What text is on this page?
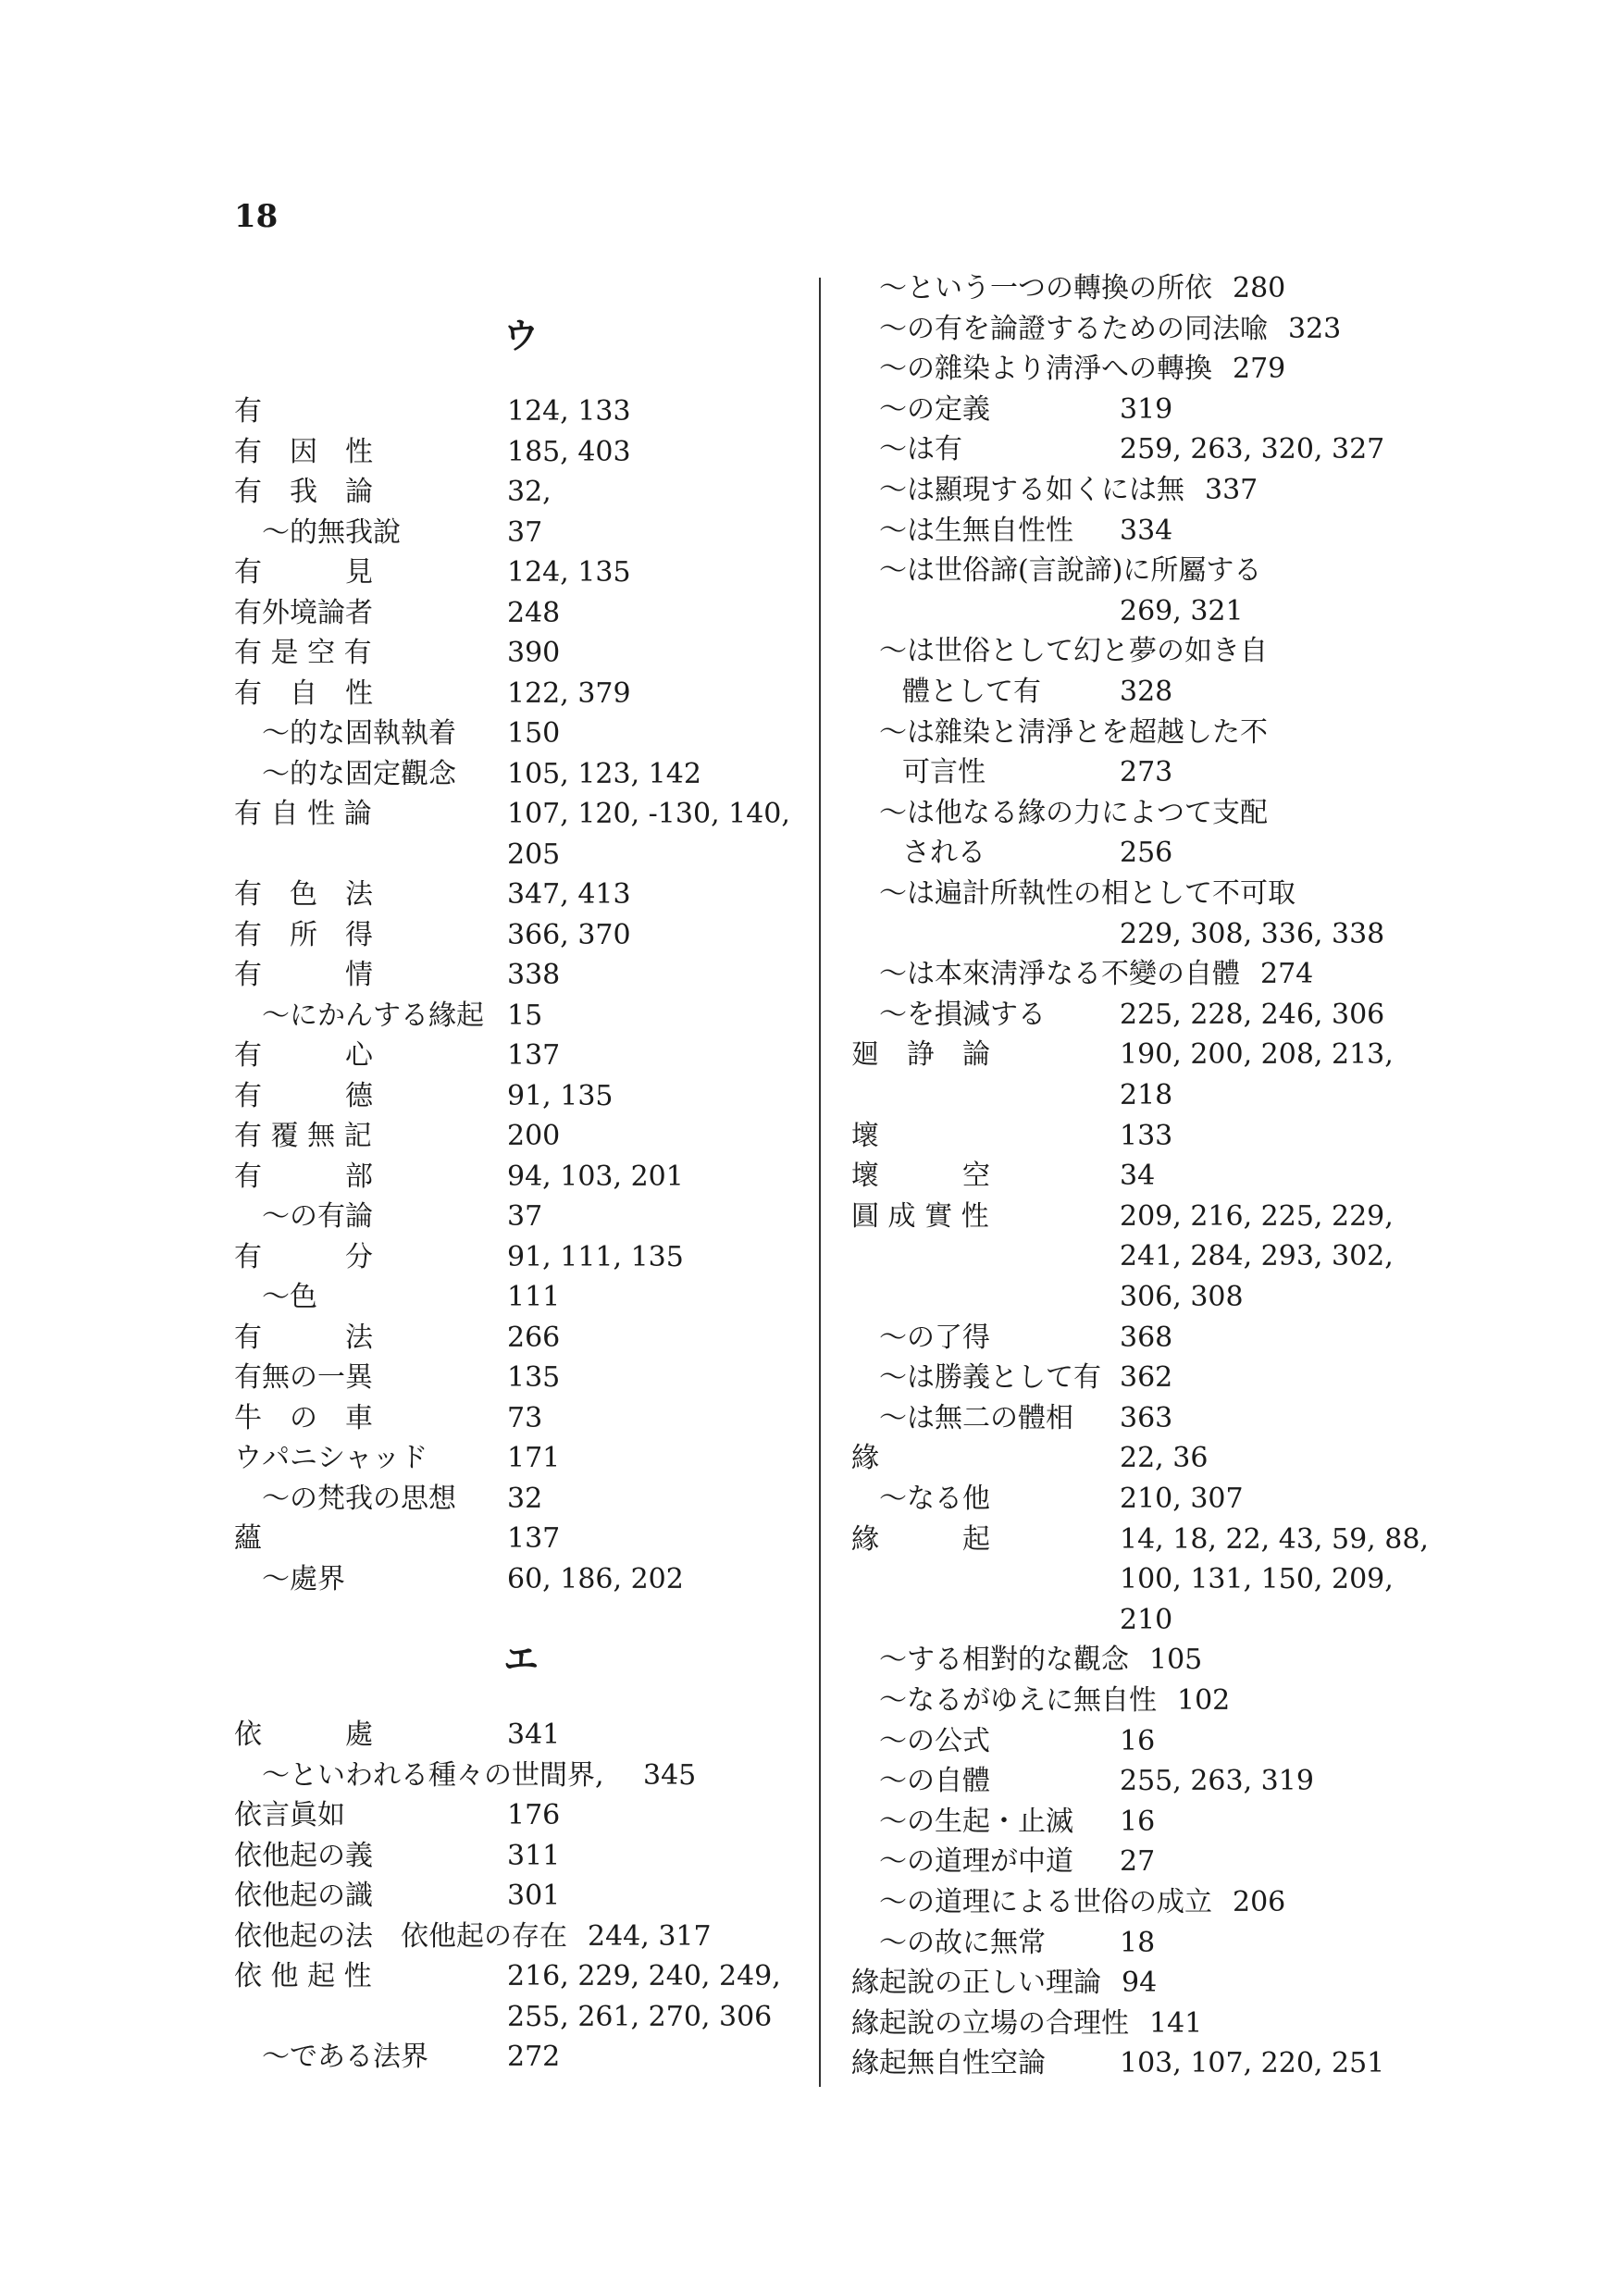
18
ウ
有	124, 133
有　因　性	185, 403
有　我　論	32,
〜的無我說	37
有　　　見	124, 135
有外境論者	248
有 是 空 有	390
有　自　性	122, 379
〜的な固執執着 150
〜的な固定觀念 105, 123, 142
有 自 性 論	107, 120, -130, 140,
205
有　色　法	347, 413
有　所　得	366, 370
有　　　情	338
〜にかんする緣起 15
有　　　心	137
有　　　德	91, 135
有 覆 無 記	200
有　　　部	94, 103, 201
〜の有論	37
有　　　分	91, 111, 135
〜色	111
有　　　法	266
有無の一異	135
牛　の　車	73
ウパニシャッド	171
〜の梵我の思想 32
蘊	137
〜處界	60, 186, 202
エ
依　　　處	341
〜といわれる種々の世間界, 345
依言眞如	176
依他起の義	311
依他起の識	301
依他起の法　依他起の存在 244, 317
依 他 起 性	216, 229, 240, 249,
255, 261, 270, 306
〜である法界	272
〜という一つの轉換の所依 280
〜の有を論證するための同法喩 323
〜の雜染より淸淨への轉換 279
〜の定義	319
〜は有	259, 263, 320, 327
〜は顯現する如くには無 337
〜は生無自性性 334
〜は世俗諦(言說諦)に所屬する
269, 321
〜は世俗として幻と夢の如き自
體として有	328
〜は雜染と淸淨とを超越した不
可言性	273
〜は他なる緣の力によつて支配
される	256
〜は遍計所執性の相として不可取
229, 308, 336, 338
〜は本來淸淨なる不變の自體 274
〜を損減する	225, 228, 246, 306
廻　諍　論	190, 200, 208, 213,
218
壞	133
壞　　　空	34
圓 成 實 性	209, 216, 225, 229,
241, 284, 293, 302,
306, 308
〜の了得	368
〜は勝義として有 362
〜は無二の體相 363
緣	22, 36
〜なる他	210, 307
緣　　　起	14, 18, 22, 43, 59, 88,
100, 131, 150, 209,
210
〜する相對的な觀念 105
〜なるがゆえに無自性 102
〜の公式	16
〜の自體	255, 263, 319
〜の生起・止滅 16
〜の道理が中道 27
〜の道理による世俗の成立 206
〜の故に無常	18
緣起說の正しい理論 94
緣起說の立場の合理性 141
緣起無自性空論	103, 107, 220, 251
